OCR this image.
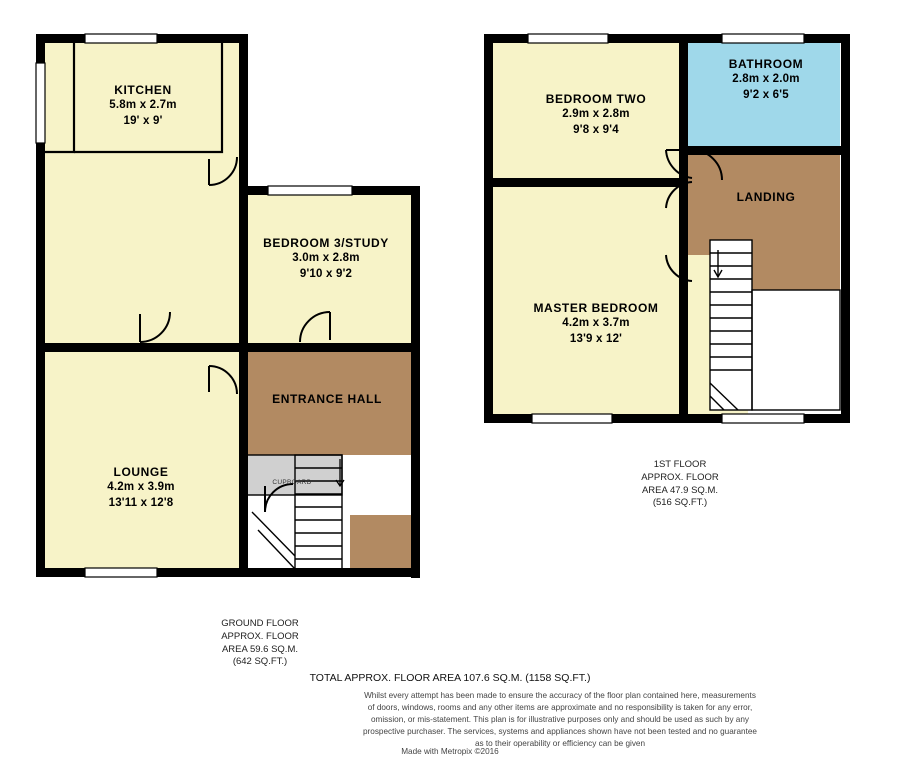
KITCHEN
5.8m x 2.7m
19' x 9'
BEDROOM 3/STUDY
3.0m x 2.8m
9'10 x 9'2
ENTRANCE HALL
LOUNGE
4.2m x 3.9m
13'11 x 12'8
CUPBOARD
GROUND FLOOR
APPROX. FLOOR
AREA 59.6 SQ.M.
(642 SQ.FT.)
BEDROOM TWO
2.9m x 2.8m
9'8 x 9'4
BATHROOM
2.8m x 2.0m
9'2 x 6'5
LANDING
MASTER BEDROOM
4.2m x 3.7m
13'9 x 12'
1ST FLOOR
APPROX. FLOOR
AREA 47.9 SQ.M.
(516 SQ.FT.)
TOTAL APPROX. FLOOR AREA 107.6 SQ.M. (1158 SQ.FT.)
Whilst every attempt has been made to ensure the accuracy of the floor plan contained here, measurements
of doors, windows, rooms and any other items are approximate and no responsibility is taken for any error,
omission, or mis-statement. This plan is for illustrative purposes only and should be used as such by any
prospective purchaser. The services, systems and appliances shown have not been tested and no guarantee
as to their operability or efficiency can be given
Made with Metropix ©2016
